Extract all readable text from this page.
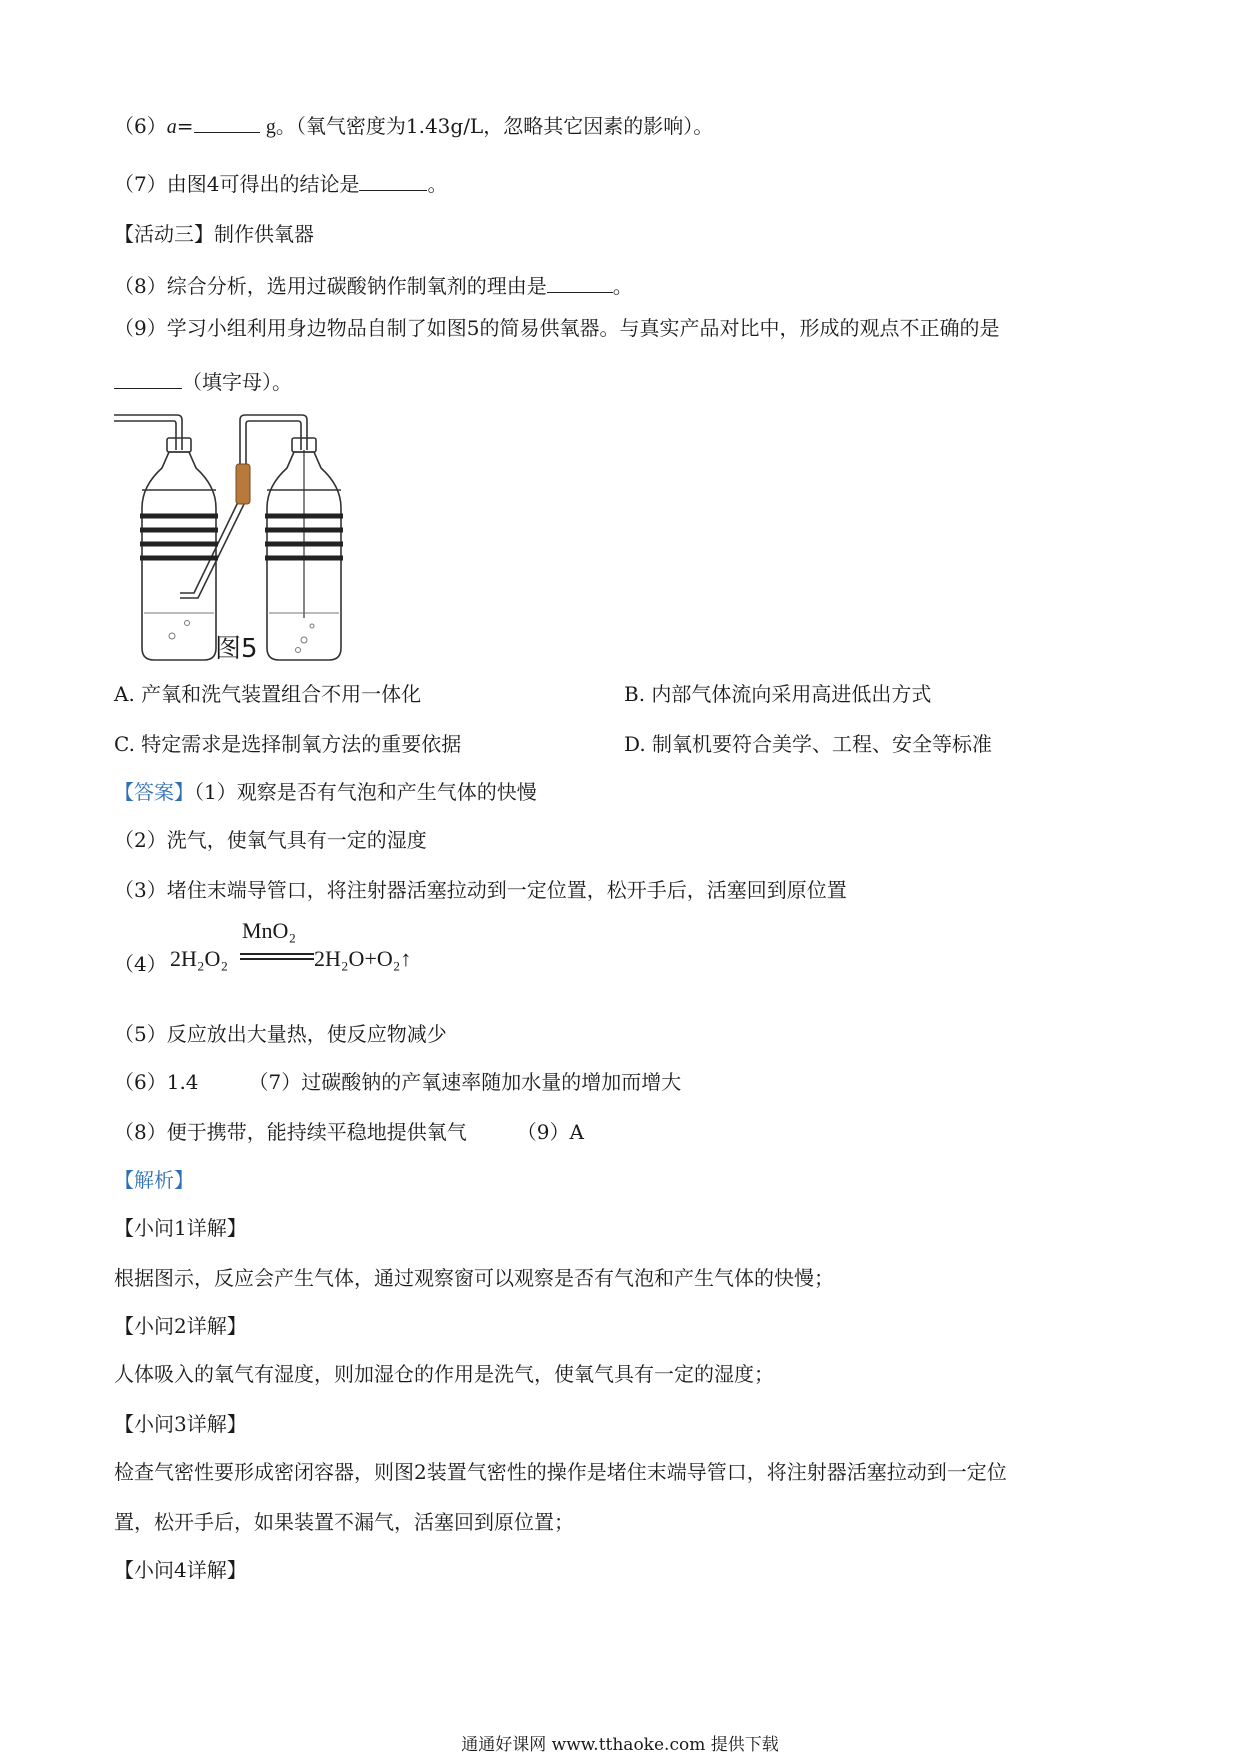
（6）a=	g。（氧气密度为1.43g/L，忽略其它因素的影响）。
（7）由图4可得出的结论是	。
【活动三】制作供氧器
（8）综合分析，选用过碳酸钠作制氧剂的理由是	。
（9）学习小组利用身边物品自制了如图5的简易供氧器。与真实产品对比中，形成的观点不正确的是
（填字母）。
图5
A. 产氧和洗气装置组合不用一体化	B. 内部气体流向采用高进低出方式
C. 特定需求是选择制氧方法的重要依据	D. 制氧机要符合美学、工程、安全等标准
【答案】（1）观察是否有气泡和产生气体的快慢
（2）洗气，使氧气具有一定的湿度
（3）堵住末端导管口，将注射器活塞拉动到一定位置，松开手后，活塞回到原位置
（4） 2H₂O₂
MnO₂
2H₂O+O₂↑
（5）反应放出大量热，使反应物减少
（6）1.4	（7）过碳酸钠的产氧速率随加水量的增加而增大
（8）便于携带，能持续平稳地提供氧气	（9）A
【解析】
【小问1详解】
根据图示，反应会产生气体，通过观察窗可以观察是否有气泡和产生气体的快慢；
【小问2详解】
人体吸入的氧气有湿度，则加湿仓的作用是洗气，使氧气具有一定的湿度；
【小问3详解】
检查气密性要形成密闭容器，则图2装置气密性的操作是堵住末端导管口，将注射器活塞拉动到一定位
置，松开手后，如果装置不漏气，活塞回到原位置；
【小问4详解】
通通好课网 www.tthaoke.com 提供下载
